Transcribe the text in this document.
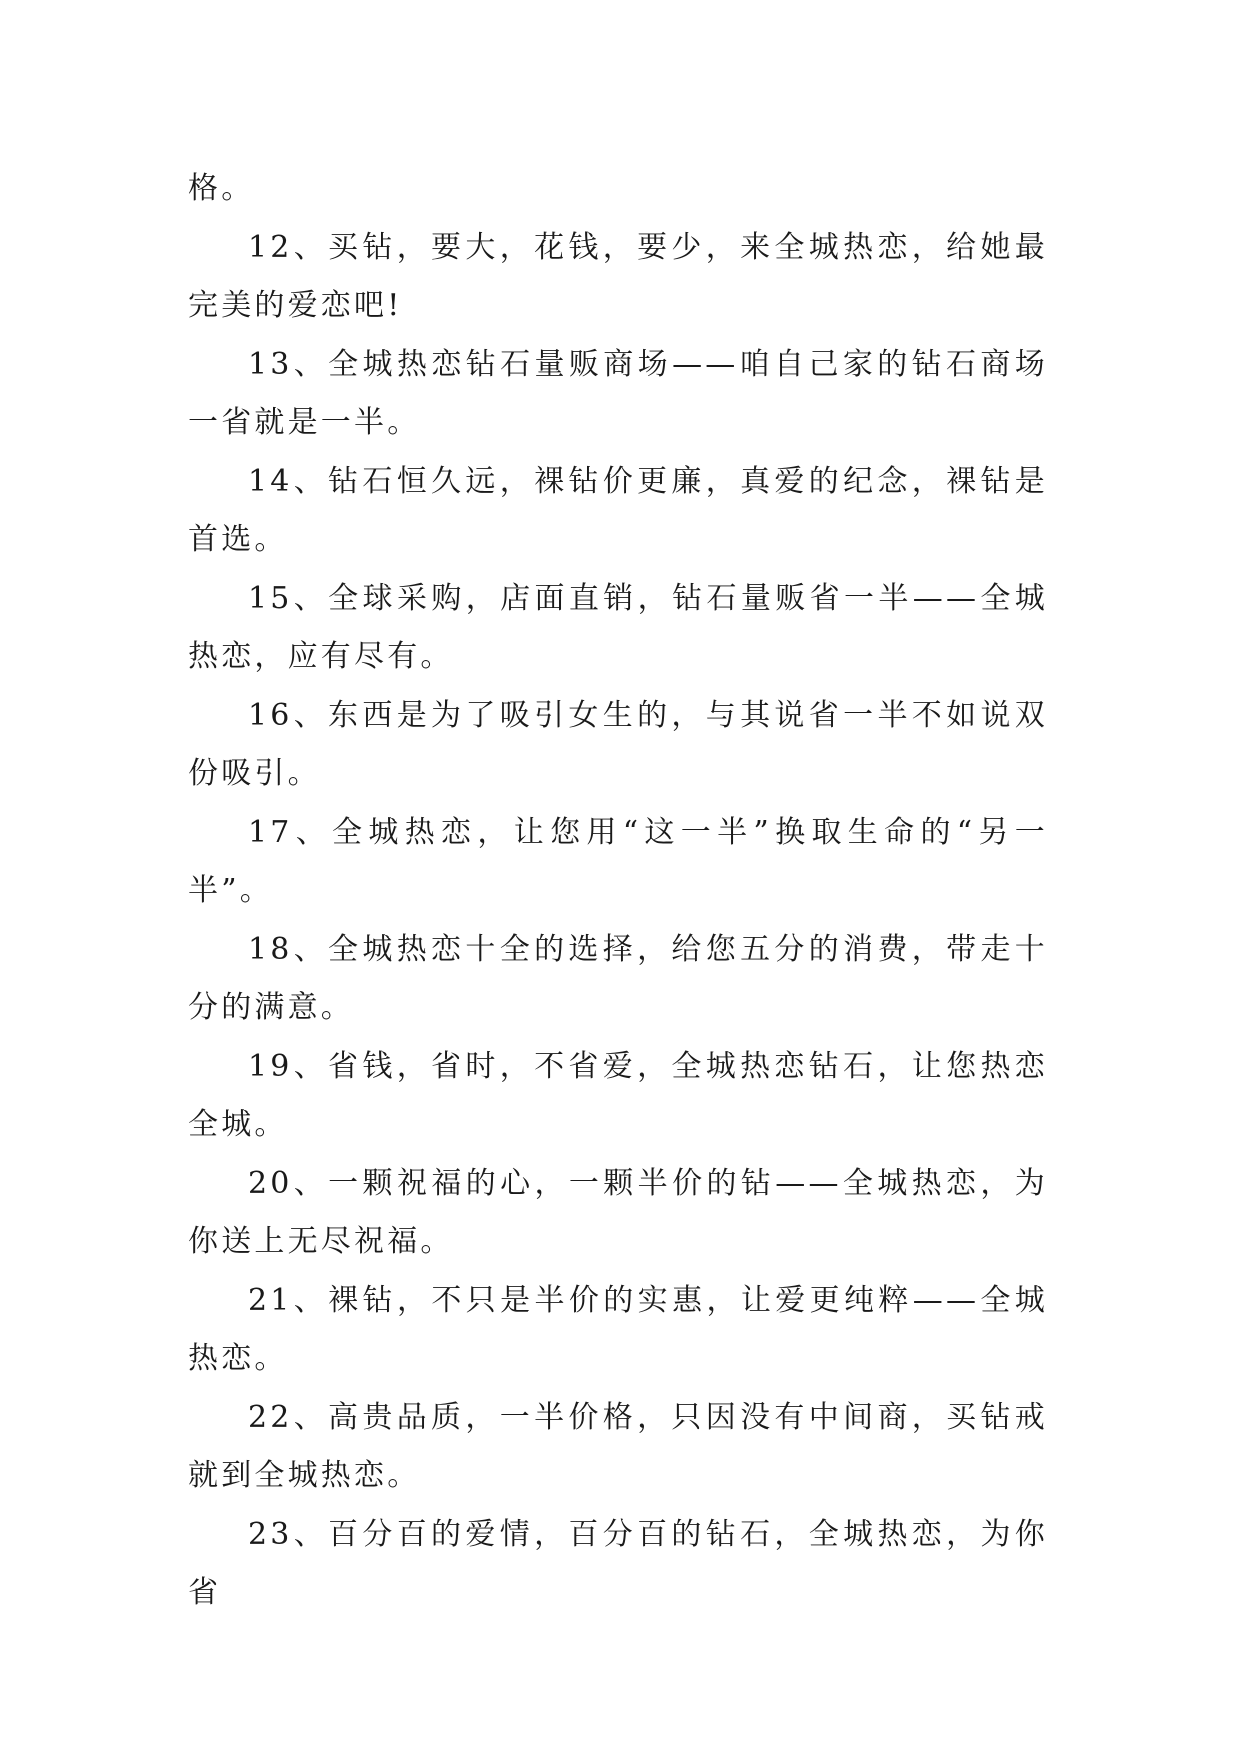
格。

12、买钻，要大，花钱，要少，来全城热恋，给她最完美的爱恋吧!

13、全城热恋钻石量贩商场——咱自己家的钻石商场一省就是一半。

14、钻石恒久远，裸钻价更廉，真爱的纪念，裸钻是首选。

15、全球采购，店面直销，钻石量贩省一半——全城热恋，应有尽有。

16、东西是为了吸引女生的，与其说省一半不如说双份吸引。

17、全城热恋，让您用“这一半”换取生命的“另一半”。

18、全城热恋十全的选择，给您五分的消费，带走十分的满意。

19、省钱，省时，不省爱，全城热恋钻石，让您热恋全城。

20、一颗祝福的心，一颗半价的钻——全城热恋，为你送上无尽祝福。

21、裸钻，不只是半价的实惠，让爱更纯粹——全城热恋。

22、高贵品质，一半价格，只因没有中间商，买钻戒就到全城热恋。

23、百分百的爱情，百分百的钻石，全城热恋，为你省
